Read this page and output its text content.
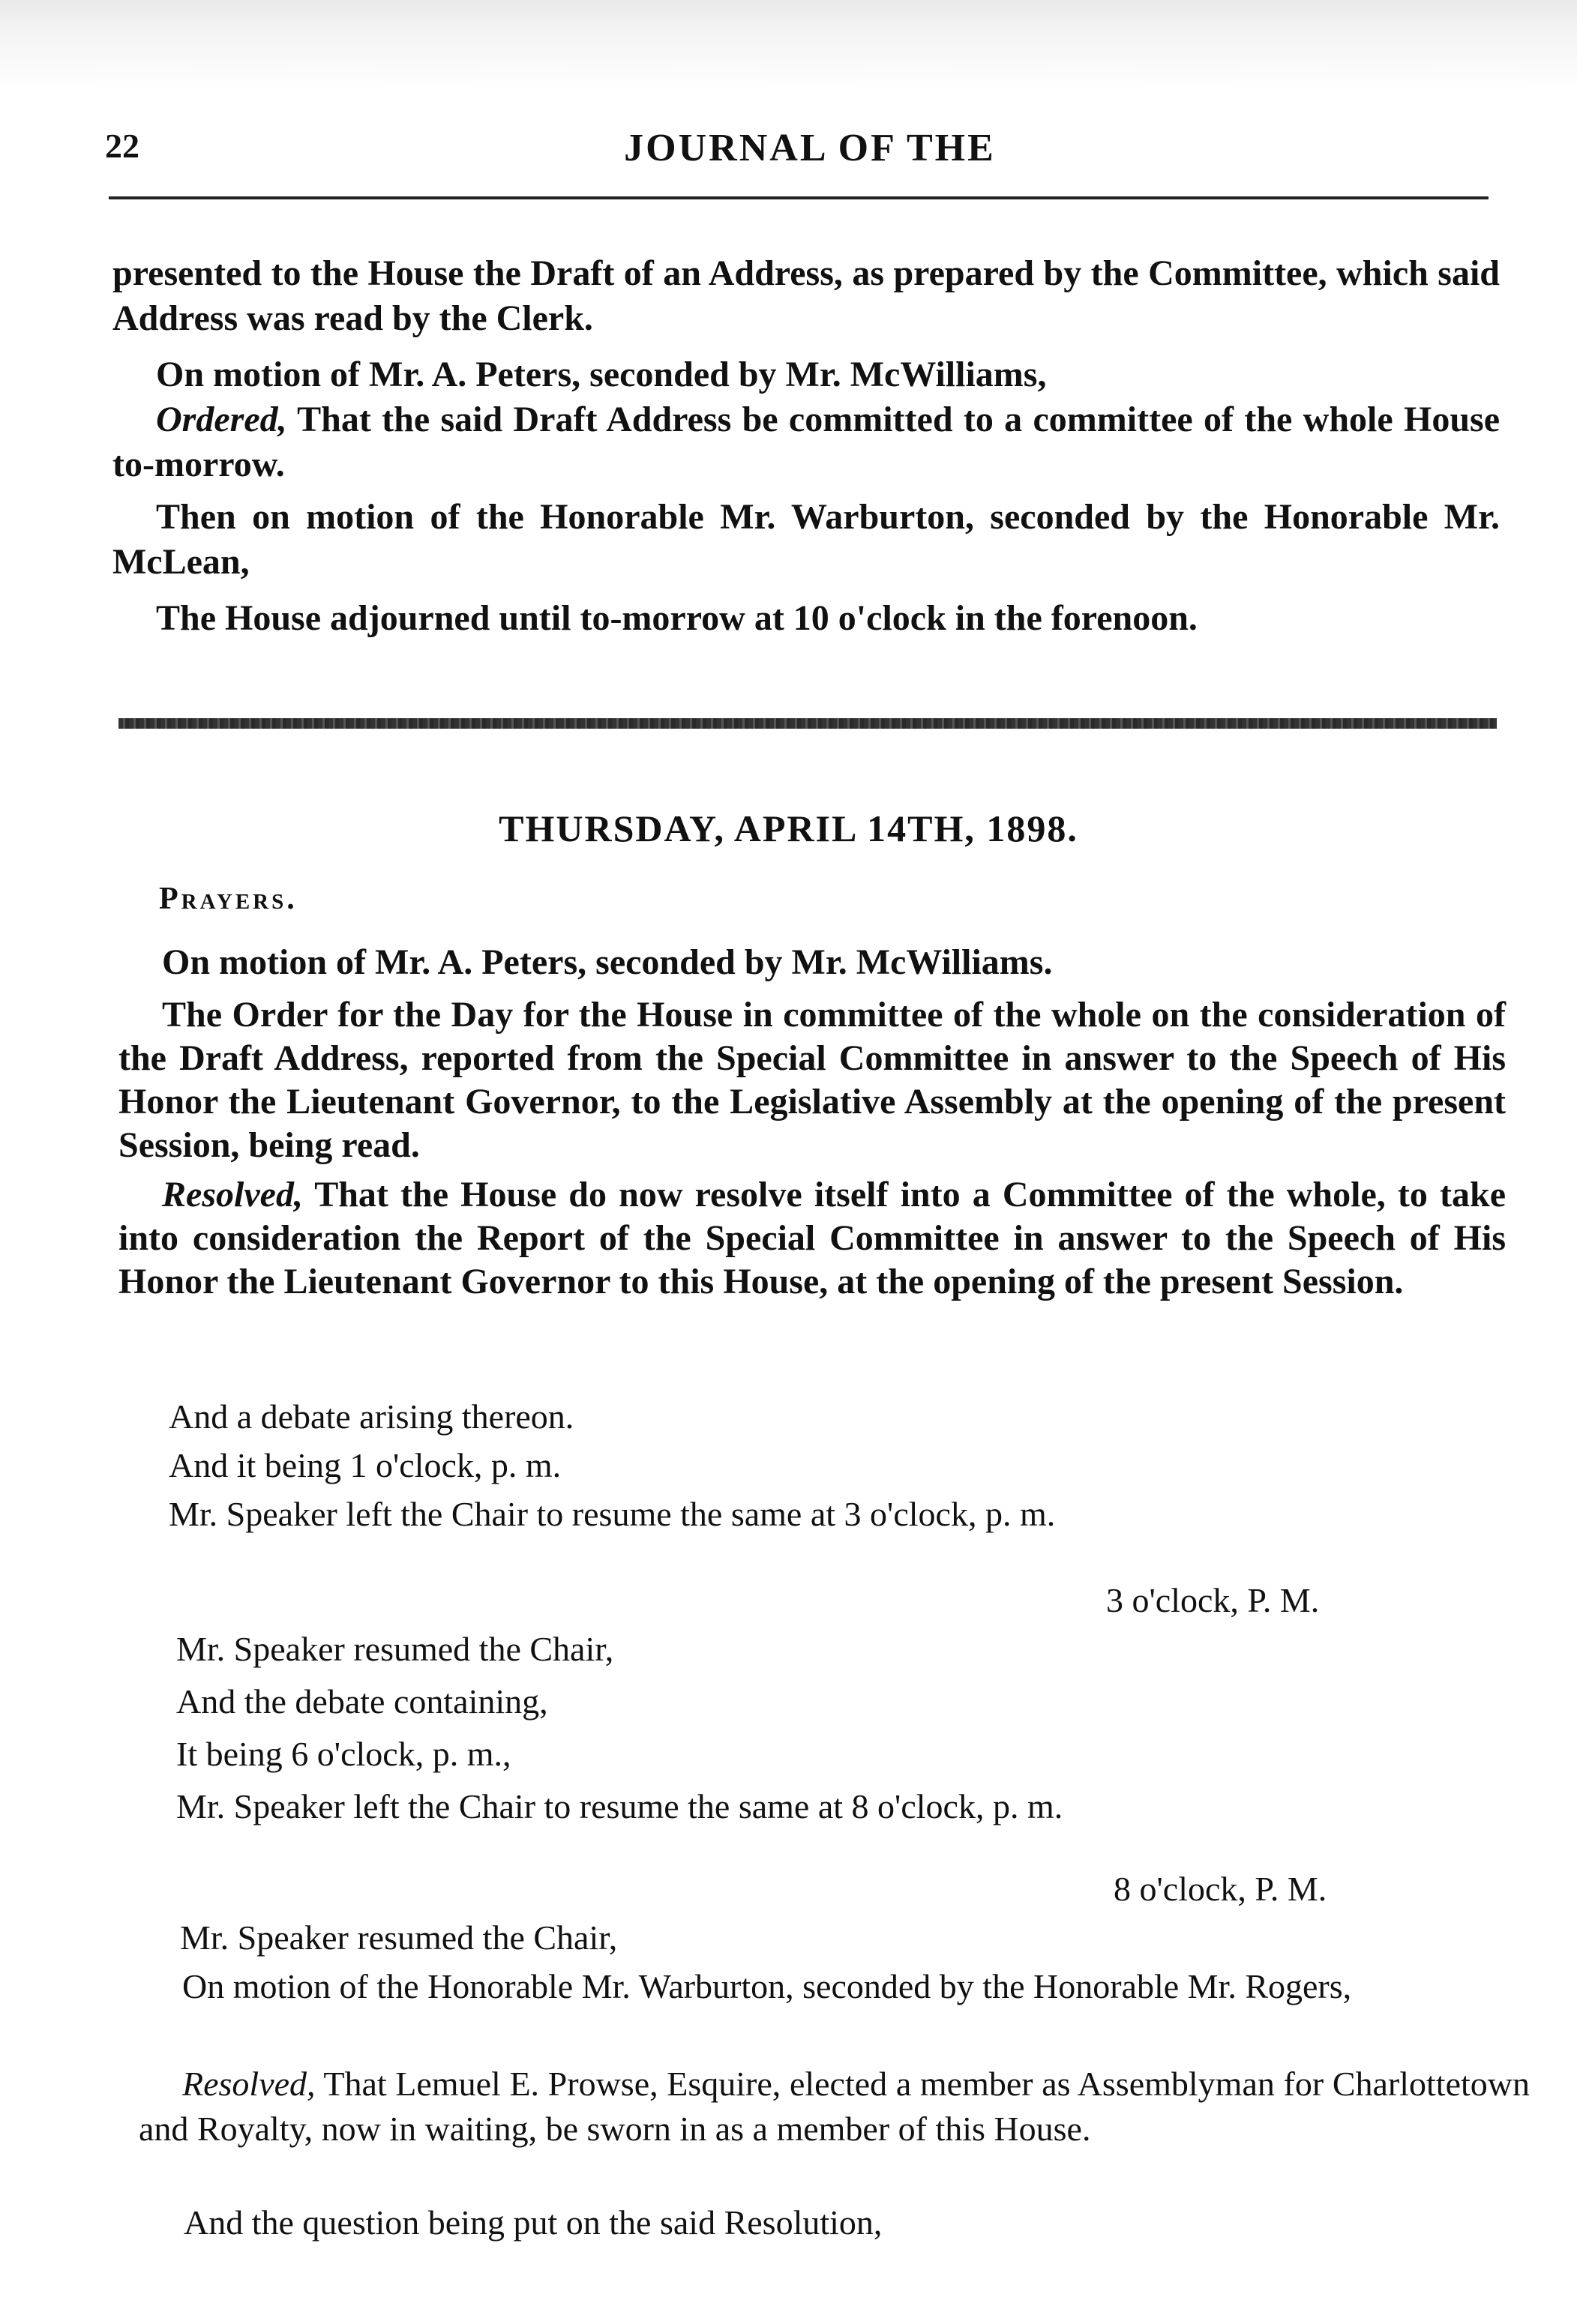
22	JOURNAL OF THE
presented to the House the Draft of an Address, as prepared by the Committee, which said Address was read by the Clerk.
On motion of Mr. A. Peters, seconded by Mr. McWilliams,
Ordered, That the said Draft Address be committed to a committee of the whole House to-morrow.
Then on motion of the Honorable Mr. Warburton, seconded by the Honorable Mr. McLean,
The House adjourned until to-morrow at 10 o'clock in the forenoon.
THURSDAY, APRIL 14TH, 1898.
Prayers.
On motion of Mr. A. Peters, seconded by Mr. McWilliams.
The Order for the Day for the House in committee of the whole on the consideration of the Draft Address, reported from the Special Committee in answer to the Speech of His Honor the Lieutenant Governor, to the Legislative Assembly at the opening of the present Session, being read.
Resolved, That the House do now resolve itself into a Committee of the whole, to take into consideration the Report of the Special Committee in answer to the Speech of His Honor the Lieutenant Governor to this House, at the opening of the present Session.
And a debate arising thereon.
And it being 1 o'clock, p. m.
Mr. Speaker left the Chair to resume the same at 3 o'clock, p. m.
3 o'clock, P. M.
Mr. Speaker resumed the Chair,
And the debate containing,
It being 6 o'clock, p. m.,
Mr. Speaker left the Chair to resume the same at 8 o'clock, p. m.
8 o'clock, P. M.
Mr. Speaker resumed the Chair,
On motion of the Honorable Mr. Warburton, seconded by the Honorable Mr. Rogers,
Resolved, That Lemuel E. Prowse, Esquire, elected a member as Assemblyman for Charlottetown and Royalty, now in waiting, be sworn in as a member of this House.
And the question being put on the said Resolution,
